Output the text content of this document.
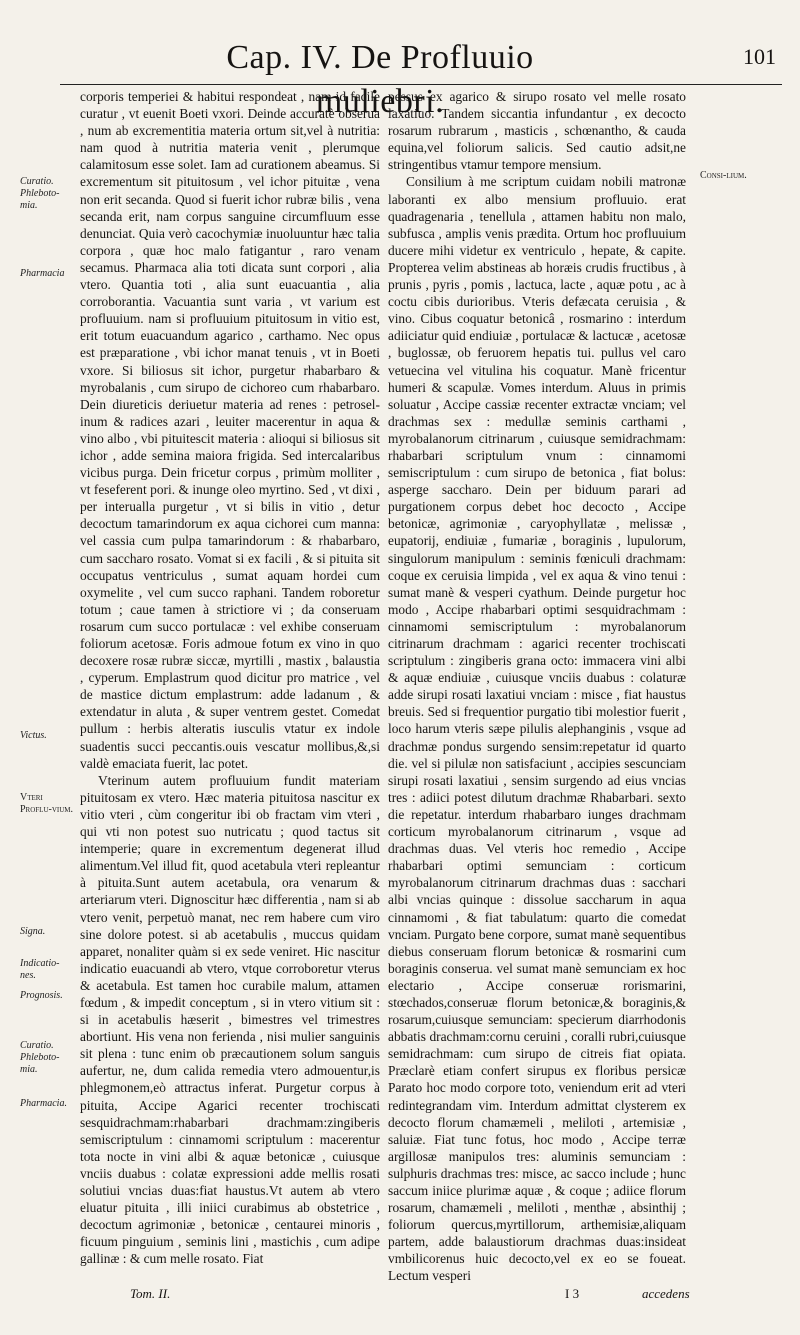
Cap. IV. De Profluuio muliebri.
101
Curatio. Phleboto-mia.
Pharmacia
Consi-lium.
Victus.
Vteri Proflu-vium.
Signa.
Indicatio-nes.
Prognosis.
Curatio. Phleboto-mia.
Pharmacia.

corporis temperiei & habitui respondeat , nam id facile curatur , vt euenit Boeti vxori. Deinde accuratè obserua , num ab excrementitia materia ortum sit,vel à nutritia: nam quod à nutritia materia venit , plerumque calamitosum esse solet. Iam ad curationem abeamus. Si excrementum sit pituitosum , vel ichor pituitæ , vena non erit secanda. Quod si fuerit ichor rubræ bilis , vena secanda erit, nam corpus sanguine circumfluum esse denunciat. Quia verò cacochymiæ inuoluuntur hæc talia corpora , quæ hoc malo fatigantur , raro venam secamus. Pharmaca alia toti dicata sunt corpori , alia vtero. Quantia toti , alia sunt euacuantia , alia corroborantia. Vacuantia sunt varia , vt varium est profluuium. nam si profluuium pituitosum in vitio est, erit totum euacuandum agarico , carthamo. Nec opus est præparatione , vbi ichor manat tenuis , vt in Boeti vxore. Si biliosus sit ichor, purgetur rhabarbaro & myrobalanis , cum sirupo de cichoreo cum rhabarbaro. Dein diureticis deriuetur materia ad renes : petroselinum & radices azari , leuiter macerentur in aqua & vino albo , vbi pituitescit materia : alioqui si biliosus sit ichor , adde semina maiora frigida. Sed intercalaribus vicibus purga. Dein fricetur corpus , primùm molliter , vt feseferent pori. & inunge oleo myrtino. Sed , vt dixi , per interualla purgetur , vt si bilis in vitio , detur decoctum tamarindorum ex aqua cichorei cum manna: vel cassia cum pulpa tamarindorum : & rhabarbaro, cum saccharo rosato. Vomat si ex facili , & si pituita sit occupatus ventriculus , sumat aquam hordei cum oxymelite , vel cum succo raphani. Tandem roboretur totum ; caue tamen à strictiore vi ; da conseruam rosarum cum succo portulacæ : vel exhibe conseruam foliorum acetosæ. Foris admoue fotum ex vino in quo decoxere rosæ rubræ siccæ, myrtilli , mastix , balaustia , cyperum. Emplastrum quod dicitur pro matrice , vel de mastice dictum emplastrum: adde ladanum , & extendatur in aluta , & super ventrem gestet. Comedat pullum : herbis alteratis iusculis vtatur ex indole suadentis succi peccantis.ouis vescatur mollibus,&,si valdè emaciata fuerit, lac potet.

Vterinum autem profluuium fundit materiam pituitosam ex vtero. Hæc materia pituitosa nascitur ex vitio vteri , cùm congeritur ibi ob fractam vim vteri , qui vti non potest suo nutricatu ; quod tactus sit intemperie; quare in excrementum degenerat illud alimentum.Vel illud fit, quod acetabula vteri repleantur à pituita.Sunt autem acetabula, ora venarum & arteriarum vteri. Dignoscitur hæc differentia , nam si ab vtero venit, perpetuò manat, nec rem habere cum viro sine dolore potest. si ab acetabulis , muccus quidam apparet, nonaliter quàm si ex sede veniret. Hic nascitur indicatio euacuandi ab vtero, vtque corroboretur vterus & acetabula. Est tamen hoc curabile malum, attamen fœdum , & impedit conceptum , si in vtero vitium sit : si in acetabulis hæserit , bimestres vel trimestres abortiunt. His vena non ferienda , nisi mulier sanguinis sit plena : tunc enim ob præcautionem solum sanguis aufertur, ne, dum calida remedia vtero admouentur,is phlegmonem,eò attractus inferat. Purgetur corpus à pituita, Accipe Agarici recenter trochiscati sesquidrachmam:rhabarbari drachmam:zingiberis semiscriptulum : cinnamomi scriptulum : macerentur tota nocte in vini albi & aquæ betonicæ , cuiusque vnciis duabus : colatæ expressioni adde mellis rosati solutiui vncias duas:fiat haustus.Vt autem ab vtero eluatur pituita , illi iniici curabimus ab obstetrice , decoctum agrimoniæ , betonicæ , centaurei minoris , ficuum pinguium , seminis lini , mastichis , cum adipe gallinæ : & cum melle rosato. Fiat

pessus ex agarico & sirupo rosato vel melle rosato laxatiuo. Tandem siccantia infundantur , ex decocto rosarum rubrarum , masticis , schœnantho, & cauda equina,vel foliorum salicis. Sed cautio adsit,ne stringentibus vtamur tempore mensium.

Consilium à me scriptum cuidam nobili matronæ laboranti ex albo mensium profluuio. erat quadragenaria , tenellula , attamen habitu non malo, subfusca , amplis venis prædita. Ortum hoc profluuium ducere mihi videtur ex ventriculo , hepate, & capite. Propterea velim abstineas ab horæis crudis fructibus , à prunis , pyris , pomis , lactuca, lacte , aquæ potu , ac à coctu cibis durioribus. Vteris defæcata ceruisia , & vino. Cibus coquatur betonicâ , rosmarino : interdum adiiciatur quid endiuiæ , portulacæ & lactucæ , acetosæ , buglossæ, ob feruorem hepatis tui. pullus vel caro vetuecina vel vitulina his coquatur. Manè fricentur humeri & scapulæ. Vomes interdum. Aluus in primis soluatur , Accipe cassiæ recenter extractæ vnciam; vel drachmas sex : medullæ seminis carthami , myrobalanorum citrinarum , cuiusque semidrachmam: rhabarbari scriptulum vnum : cinnamomi semiscriptulum : cum sirupo de betonica , fiat bolus: asperge saccharo. Dein per biduum parari ad purgationem corpus debet hoc decocto , Accipe betonicæ, agrimoniæ , caryophyllatæ , melissæ , eupatorij, endiuiæ , fumariæ , boraginis , lupulorum, singulorum manipulum : seminis fœniculi drachmam: coque ex ceruisia limpida , vel ex aqua & vino tenui : sumat manè & vesperi cyathum. Deinde purgetur hoc modo , Accipe rhabarbari optimi sesquidrachmam : cinnamomi semiscriptulum : myrobalanorum citrinarum drachmam : agarici recenter trochiscati scriptulum : zingiberis grana octo: immacera vini albi & aquæ endiuiæ , cuiusque vnciis duabus : colaturæ adde sirupi rosati laxatiui vnciam : misce , fiat haustus breuis. Sed si frequentior purgatio tibi molestior fuerit , loco harum vteris sæpe pilulis alephanginis , vsque ad drachmæ pondus surgendo sensim:repetatur id quarto die. vel si pilulæ non satisfaciunt , accipies sescunciam sirupi rosati laxatiui , sensim surgendo ad eius vncias tres : adiici potest dilutum drachmæ Rhabarbari. sexto die repetatur. interdum rhabarbaro iunges drachmam corticum myrobalanorum citrinarum , vsque ad drachmas duas. Vel vteris hoc remedio , Accipe rhabarbari optimi semunciam : corticum myrobalanorum citrinarum drachmas duas : sacchari albi vncias quinque : dissolue saccharum in aqua cinnamomi , & fiat tabulatum: quarto die comedat vnciam. Purgato bene corpore, sumat manè sequentibus diebus conseruam florum betonicæ & rosmarini cum boraginis conserua. vel sumat manè semunciam ex hoc electario , Accipe conseruæ rorismarini, stœchados,conseruæ florum betonicæ,& boraginis,& rosarum,cuiusque semunciam: specierum diarrhodonis abbatis drachmam:cornu ceruini , coralli rubri,cuiusque semidrachmam: cum sirupo de citreis fiat opiata. Præclarè etiam confert sirupus ex floribus persicæ Parato hoc modo corpore toto, veniendum erit ad vteri redintegrandam vim. Interdum admittat clysterem ex decocto florum chamæmeli , meliloti , artemisiæ , saluiæ. Fiat tunc fotus, hoc modo , Accipe terræ argillosæ manipulos tres: aluminis semunciam : sulphuris drachmas tres: misce, ac sacco include ; hunc saccum iniice plurimæ aquæ , & coque ; adiice florum rosarum, chamæmeli , meliloti , menthæ , absinthij ; foliorum quercus,myrtillorum, arthemisiæ,aliquam partem, adde balaustiorum drachmas duas:insideat vmbilicorenus huic decocto,vel ex eo se foueat. Lectum vesperi

Tom. II.	I 3	accedens
